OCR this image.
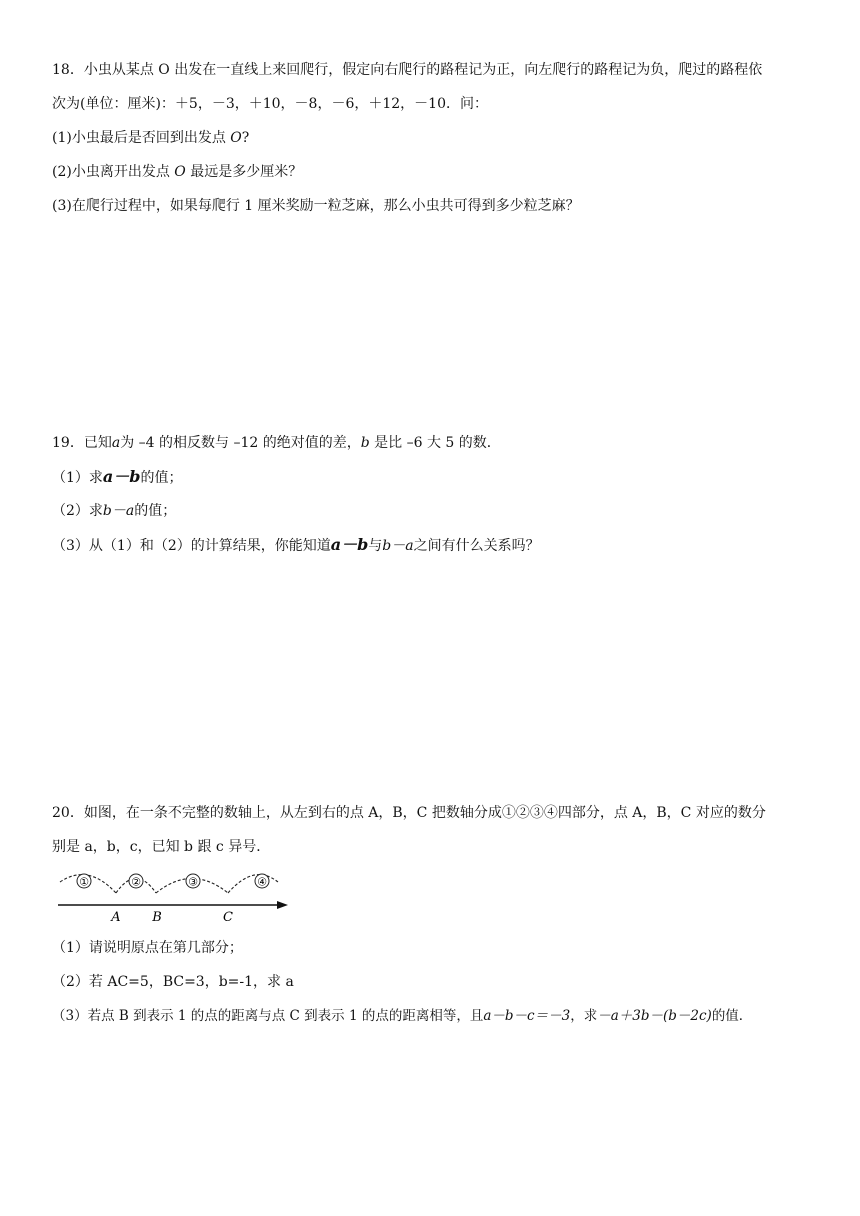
18．小虫从某点 O 出发在一直线上来回爬行，假定向右爬行的路程记为正，向左爬行的路程记为负，爬过的路程依
次为(单位：厘米)：＋5，－3，＋10，－8，－6，＋12，－10．问：
(1)小虫最后是否回到出发点 O?
(2)小虫离开出发点 O 最远是多少厘米？
(3)在爬行过程中，如果每爬行 1 厘米奖励一粒芝麻，那么小虫共可得到多少粒芝麻？
19．已知a为 –4 的相反数与 –12 的绝对值的差，b 是比 –6 大 5 的数．
（1）求a－b的值；
（2）求b－a的值；
（3）从（1）和（2）的计算结果，你能知道a－b与b－a之间有什么关系吗？
20．如图，在一条不完整的数轴上，从左到右的点 A，B，C 把数轴分成①②③④四部分，点 A，B，C 对应的数分
别是 a，b，c，已知 b 跟 c 异号．
①	②	③	④
A B	C
（1）请说明原点在第几部分；
（2）若 AC=5，BC=3，b=-1，求 a
（3）若点 B 到表示 1 的点的距离与点 C 到表示 1 的点的距离相等，且a－b－c＝－3，求－a＋3b－(b－2c)的值．
